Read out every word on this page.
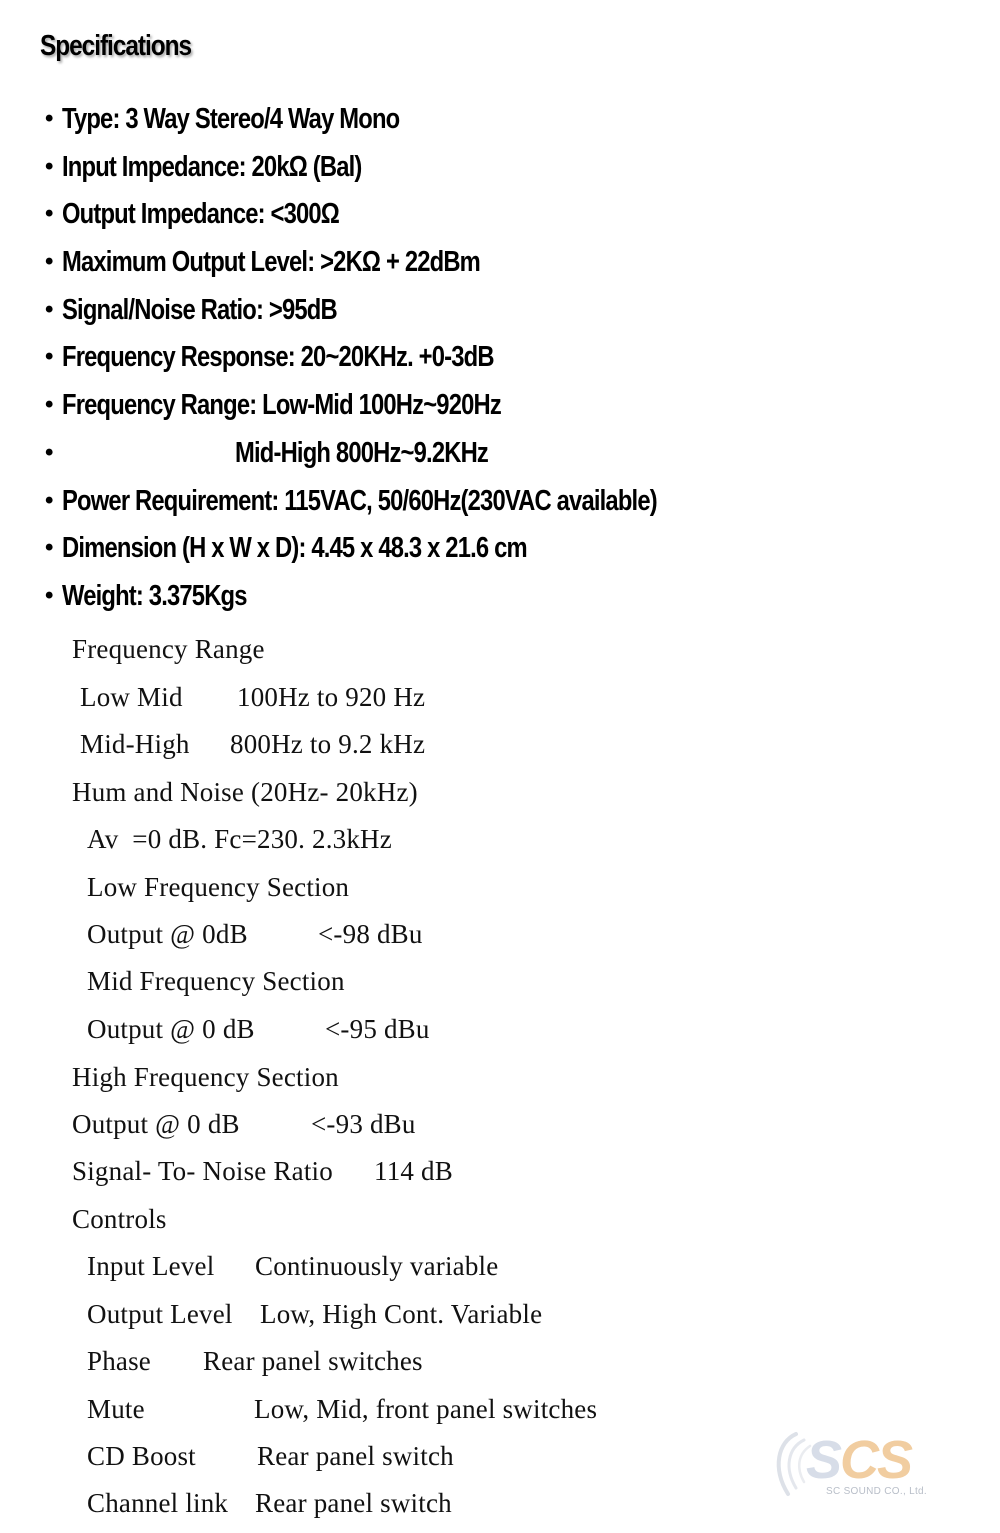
Specifications
• Type: 3 Way Stereo/4 Way Mono
• Input Impedance: 20kΩ (Bal)
• Output Impedance: <300Ω
• Maximum Output Level: >2KΩ + 22dBm
• Signal/Noise Ratio: >95dB
• Frequency Response: 20~20KHz. +0-3dB
• Frequency Range: Low-Mid 100Hz~920Hz
•	Mid-High 800Hz~9.2KHz
• Power Requirement: 115VAC, 50/60Hz(230VAC available)
• Dimension (H x W x D): 4.45 x 48.3 x 21.6 cm
• Weight: 3.375Kgs
Frequency Range
Low Mid 100Hz to 920 Hz
Mid-High 800Hz to 9.2 kHz
Hum and Noise (20Hz- 20kHz)
Av  =0 dB. Fc=230. 2.3kHz
Low Frequency Section
Output @ 0dB	<-98 dBu
Mid Frequency Section
Output @ 0 dB	<-95 dBu
High Frequency Section
Output @ 0 dB	<-93 dBu
Signal- To- Noise Ratio 114 dB
Controls
Input Level Continuously variable
Output Level Low, High Cont. Variable
Phase Rear panel switches
Mute	Low, Mid, front panel switches
CD Boost Rear panel switch
Channel link Rear panel switch
SCS
SC SOUND CO., Ltd.
